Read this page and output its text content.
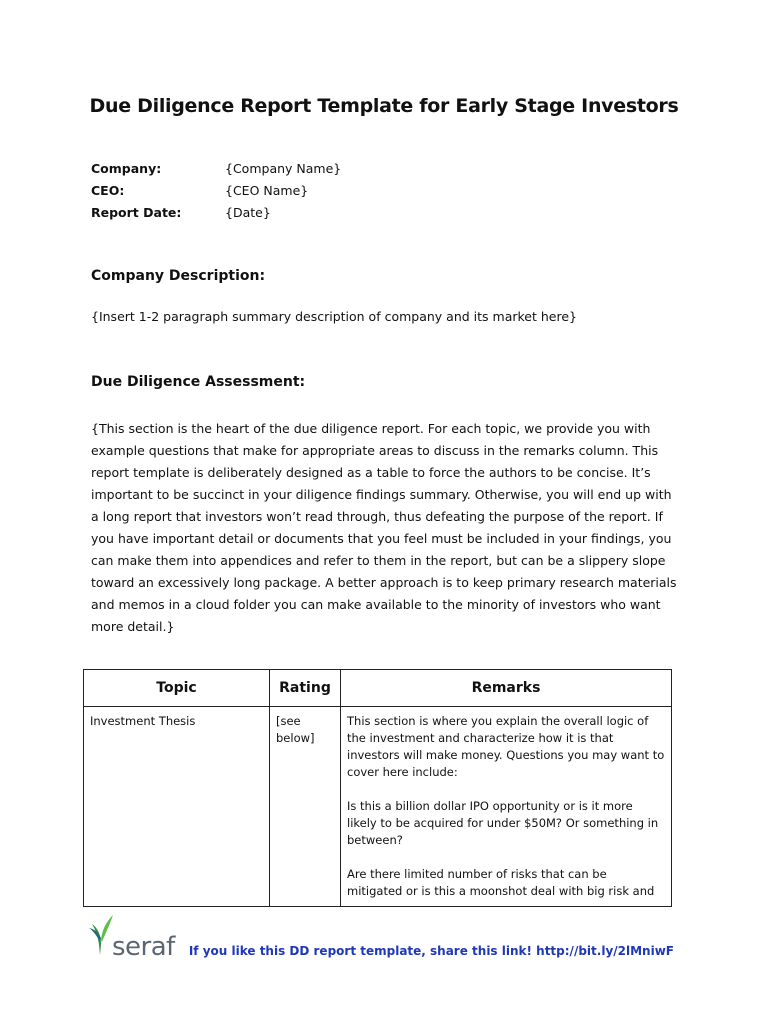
Due Diligence Report Template for Early Stage Investors
Company:	{Company Name}
CEO:	{CEO Name}
Report Date:	{Date}
Company Description:
{Insert 1-2 paragraph summary description of company and its market here}
Due Diligence Assessment:
{This section is the heart of the due diligence report. For each topic, we provide you with example questions that make for appropriate areas to discuss in the remarks column. This report template is deliberately designed as a table to force the authors to be concise. It’s important to be succinct in your diligence findings summary. Otherwise, you will end up with a long report that investors won’t read through, thus defeating the purpose of the report. If you have important detail or documents that you feel must be included in your findings, you can make them into appendices and refer to them in the report, but can be a slippery slope toward an excessively long package. A better approach is to keep primary research materials and memos in a cloud folder you can make available to the minority of investors who want more detail.}
Topic	Rating	Remarks
Investment Thesis	[see below]	This section is where you explain the overall logic of the investment and characterize how it is that investors will make money. Questions you may want to cover here include:

Is this a billion dollar IPO opportunity or is it more likely to be acquired for under $50M? Or something in between?

Are there limited number of risks that can be mitigated or is this a moonshot deal with big risk and

seraf If you like this DD report template, share this link! http://bit.ly/2lMniwF
